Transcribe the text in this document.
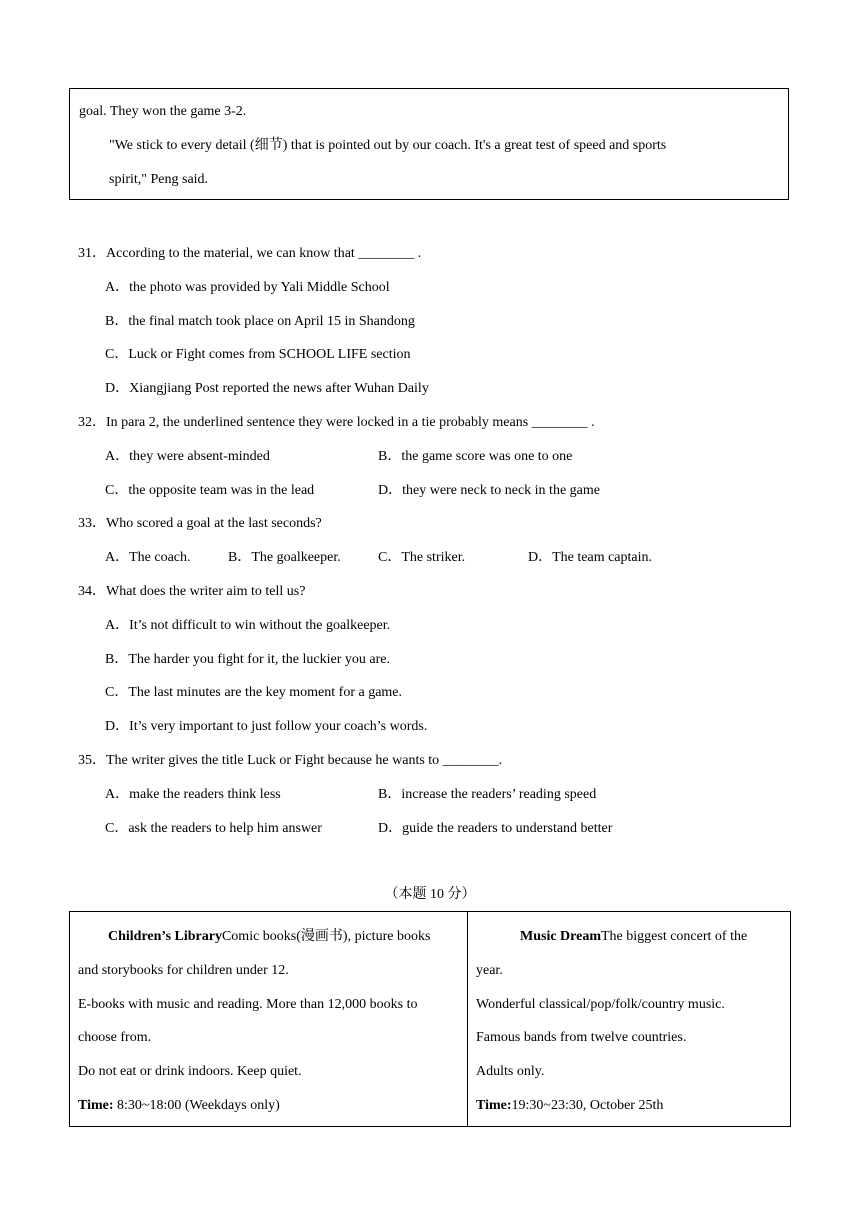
goal. They won the game 3-2.
"We stick to every detail (细节) that is pointed out by our coach. It's a great test of speed and sports
spirit," Peng said.
31．According to the material, we can know that ________ .
A．the photo was provided by Yali Middle School
B．the final match took place on April 15 in Shandong
C．Luck or Fight comes from SCHOOL LIFE section
D．Xiangjiang Post reported the news after Wuhan Daily
32．In para 2, the underlined sentence they were locked in a tie probably means ________ .
A．they were absent-minded	B．the game score was one to one
C．the opposite team was in the lead	D．they were neck to neck in the game
33．Who scored a goal at the last seconds?
A．The coach.	B．The goalkeeper.	C．The striker.	D．The team captain.
34．What does the writer aim to tell us?
A．It’s not difficult to win without the goalkeeper.
B．The harder you fight for it, the luckier you are.
C．The last minutes are the key moment for a game.
D．It’s very important to just follow your coach’s words.
35．The writer gives the title Luck or Fight because he wants to ________.
A．make the readers think less	B．increase the readers’ reading speed
C．ask the readers to help him answer	D．guide the readers to understand better
（本题 10 分）
Children’s LibraryComic books(漫画书), picture books
and storybooks for children under 12.
E-books with music and reading. More than 12,000 books to
choose from.
Do not eat or drink indoors. Keep quiet.
Time: 8:30~18:00 (Weekdays only)
Music DreamThe biggest concert of the
year.
Wonderful classical/pop/folk/country music.
Famous bands from twelve countries.
Adults only.
Time:19:30~23:30, October 25th
